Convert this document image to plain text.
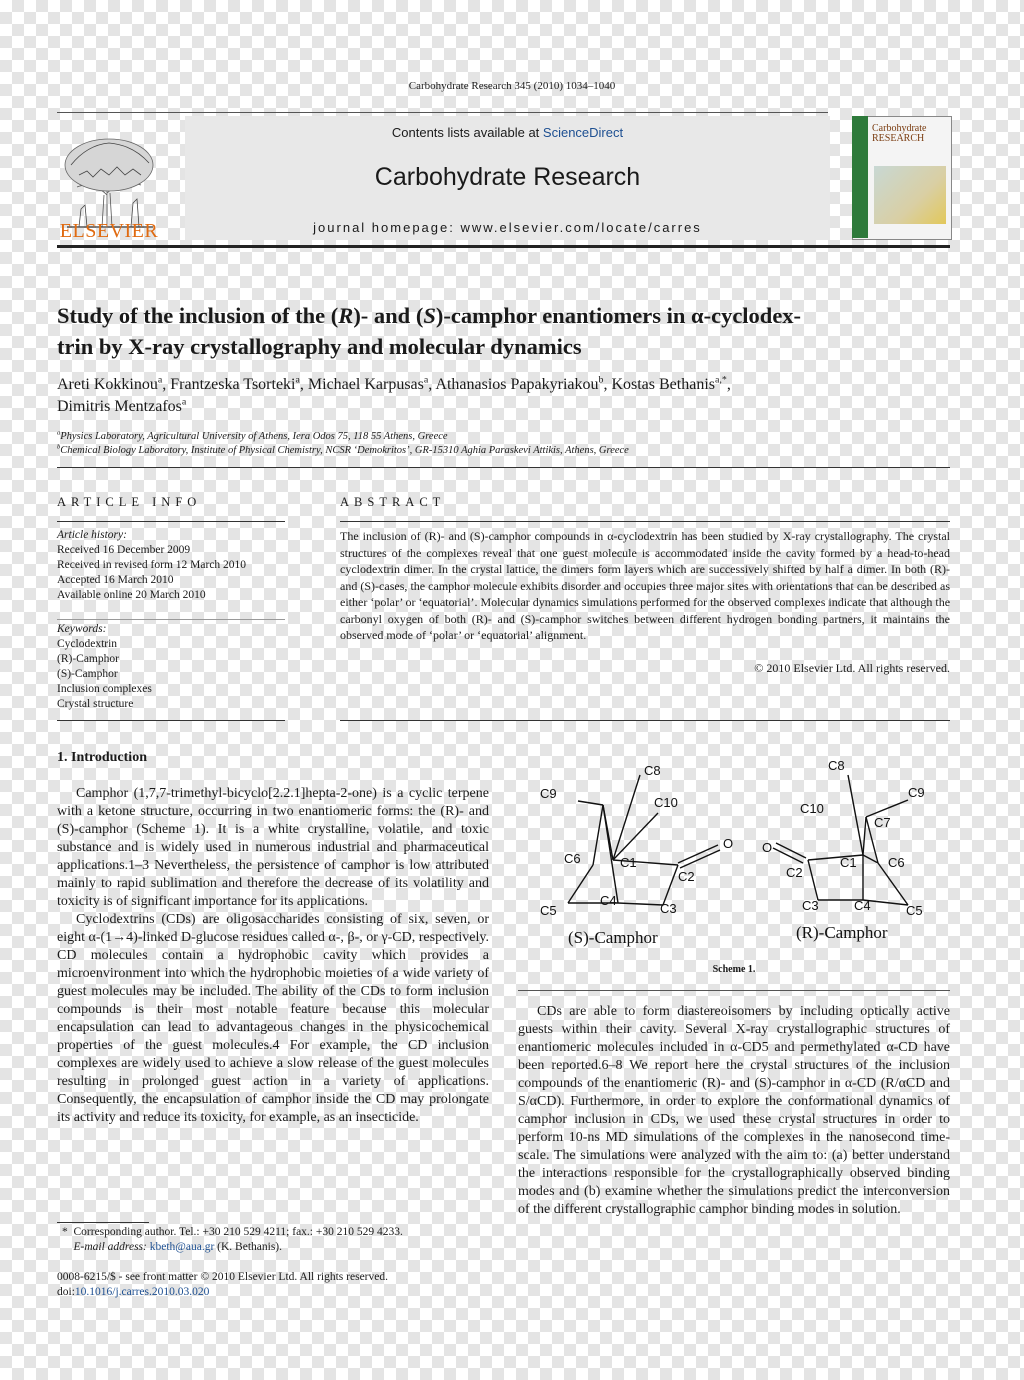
Carbohydrate Research 345 (2010) 1034–1040
Contents lists available at ScienceDirect
Carbohydrate Research
journal homepage: www.elsevier.com/locate/carres
ELSEVIER
Carbohydrate
RESEARCH
Study of the inclusion of the (R)- and (S)-camphor enantiomers in α-cyclodex-
trin by X-ray crystallography and molecular dynamics
Areti Kokkinou$^a$, Frantzeska Tsorteki$^a$, Michael Karpusas$^a$, Athanasios Papakyriakou$^b$, Kostas Bethanis$^{a,*}$,
Dimitris Mentzafos$^a$
$^a$Physics Laboratory, Agricultural University of Athens, Iera Odos 75, 118 55 Athens, Greece
$^b$Chemical Biology Laboratory, Institute of Physical Chemistry, NCSR ‘Demokritos’, GR-15310 Aghia Paraskevi Attikis, Athens, Greece
ARTICLE INFO
Article history:
Received 16 December 2009
Received in revised form 12 March 2010
Accepted 16 March 2010
Available online 20 March 2010
Keywords:
Cyclodextrin
(R)-Camphor
(S)-Camphor
Inclusion complexes
Crystal structure
ABSTRACT
The inclusion of (R)- and (S)-camphor compounds in α-cyclodextrin has been studied by X-ray crystallography. The crystal structures of the complexes reveal that one guest molecule is accommodated inside the cavity formed by a head-to-head cyclodextrin dimer. In the crystal lattice, the dimers form layers which are successively shifted by half a dimer. In both (R)- and (S)-cases, the camphor molecule exhibits disorder and occupies three major sites with orientations that can be described as either ‘polar’ or ‘equatorial’. Molecular dynamics simulations performed for the observed complexes indicate that although the carbonyl oxygen of both (R)- and (S)-camphor switches between different hydrogen bonding partners, it maintains the observed mode of ‘polar’ or ‘equatorial’ alignment.
© 2010 Elsevier Ltd. All rights reserved.
1. Introduction

Camphor (1,7,7-trimethyl-bicyclo[2.2.1]hepta-2-one) is a cyclic terpene with a ketone structure, occurring in two enantiomeric forms: the (R)- and (S)-camphor (Scheme 1). It is a white crystalline, volatile, and toxic substance and is widely used in numerous industrial and pharmaceutical applications.1–3 Nevertheless, the persistence of camphor is low attributed mainly to rapid sublimation and therefore the decrease of its volatility and toxicity is of significant importance for its applications.

Cyclodextrins (CDs) are oligosaccharides consisting of six, seven, or eight α-(1→4)-linked D-glucose residues called α-, β-, or γ-CD, respectively. CD molecules contain a hydrophobic cavity which provides a microenvironment into which the hydrophobic moieties of a wide variety of guest molecules may be included. The ability of the CDs to form inclusion compounds is their most notable feature because this molecular encapsulation can lead to advantageous changes in the physicochemical properties of the guest molecules.4 For example, the CD inclusion complexes are widely used to achieve a slow release of the guest molecules resulting in prolonged guest action in a variety of applications. Consequently, the encapsulation of camphor inside the CD may prolongate its activity and reduce its toxicity, for example, as an insecticide.

C8
C9
C10
C6	C1
C2
O
C5
C4
C3
(S)-Camphor
C8
C9
C10
C7
O
C1 C6
C2
C3	C4	C5
(R)-Camphor
Scheme 1.

CDs are able to form diastereoisomers by including optically active guests within their cavity. Several X-ray crystallographic structures of enantiomeric molecules included in α-CD5 and permethylated α-CD have been reported.6–8 We report here the crystal structures of the inclusion compounds of the enantiomeric (R)- and (S)-camphor in α-CD (R/αCD and S/αCD). Furthermore, in order to explore the conformational dynamics of camphor inclusion in CDs, we used these crystal structures in order to perform 10-ns MD simulations of the complexes in the nanosecond time-scale. The simulations were analyzed with the aim to: (a) better understand the interactions responsible for the crystallographically observed binding modes and (b) examine whether the simulations predict the interconversion of the different crystallographic camphor binding modes in solution.

*  Corresponding author. Tel.: +30 210 529 4211; fax.: +30 210 529 4233.
E-mail address: kbeth@aua.gr (K. Bethanis).
0008-6215/$ - see front matter © 2010 Elsevier Ltd. All rights reserved.
doi:10.1016/j.carres.2010.03.020
